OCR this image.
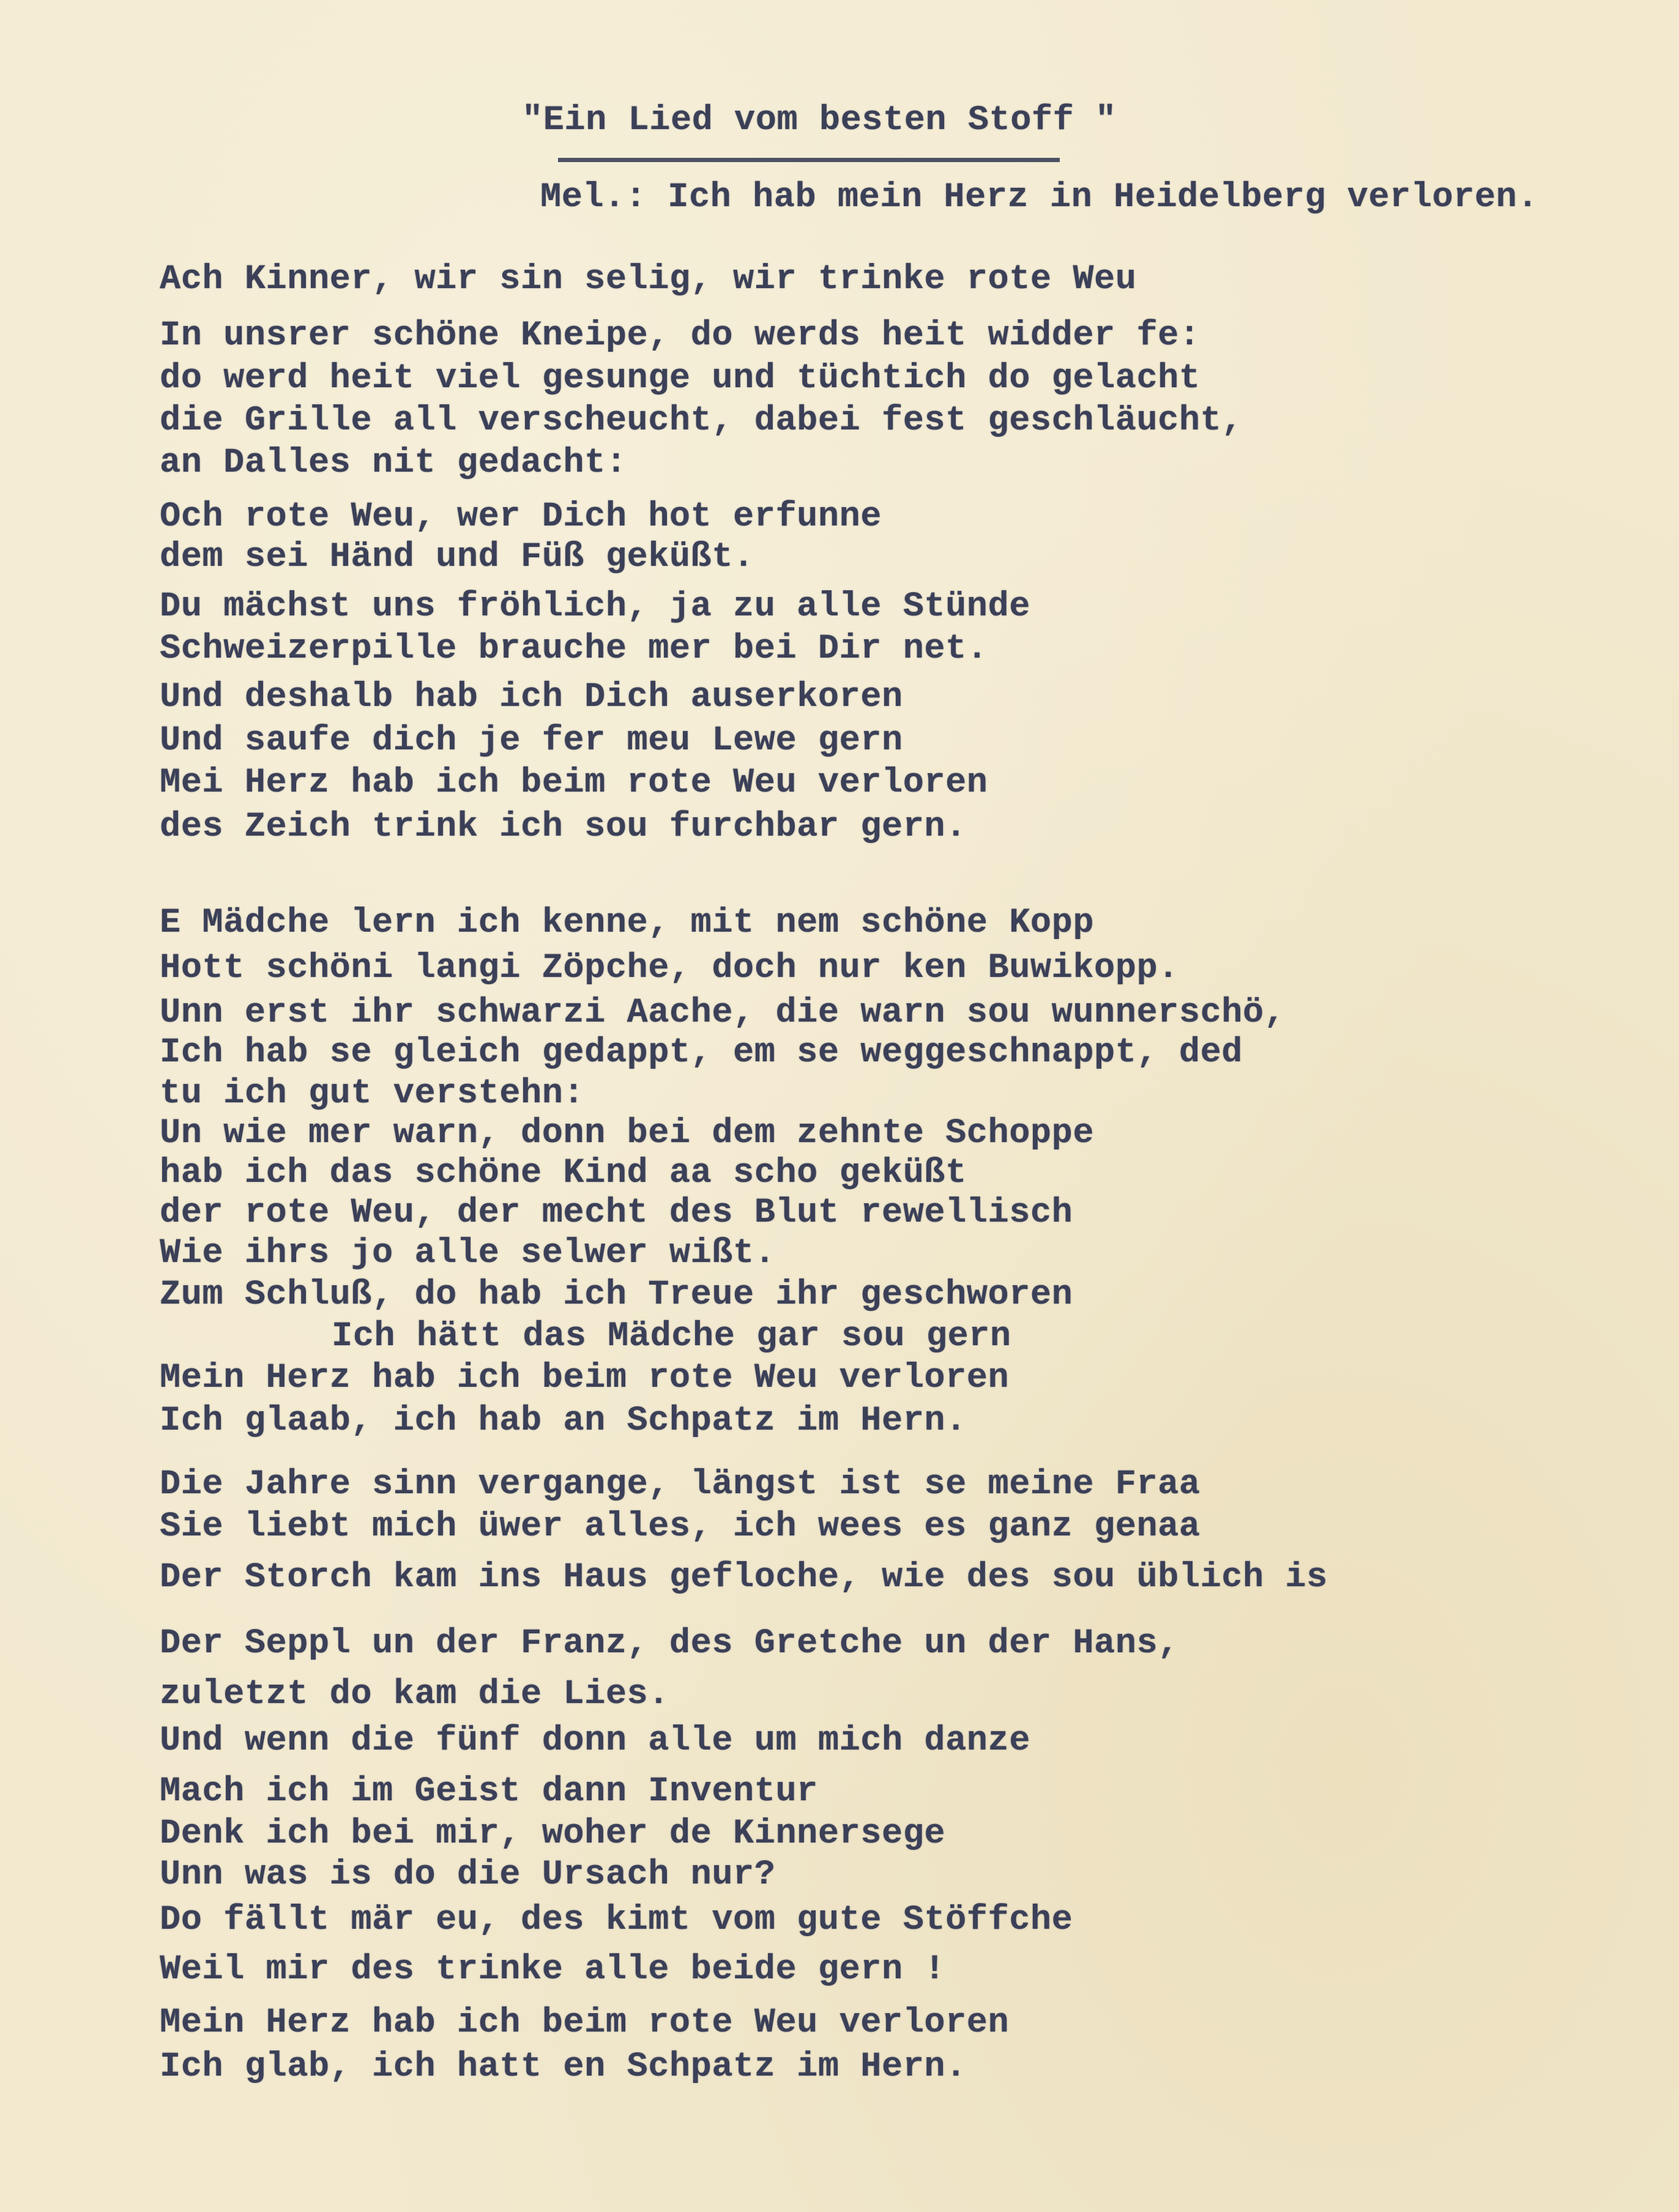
"Ein Lied vom besten Stoff "
Mel.: Ich hab mein Herz in Heidelberg verloren.
Ach Kinner, wir sin selig, wir trinke rote Weu
In unsrer schöne Kneipe, do werds heit widder fe:
do werd heit viel gesunge und tüchtich do gelacht
die Grille all verscheucht, dabei fest geschläucht,
an Dalles nit gedacht:
Och rote Weu, wer Dich hot erfunne
dem sei Händ und Füß geküßt.
Du mächst uns fröhlich, ja zu alle Stünde
Schweizerpille brauche mer bei Dir net.
Und deshalb hab ich Dich auserkoren
Und saufe dich je fer meu Lewe gern
Mei Herz hab ich beim rote Weu verloren
des Zeich trink ich sou furchbar gern.
E Mädche lern ich kenne, mit nem schöne Kopp
Hott schöni langi Zöpche, doch nur ken Buwikopp.
Unn erst ihr schwarzi Aache, die warn sou wunnerschö,
Ich hab se gleich gedappt, em se weggeschnappt, ded
tu ich gut verstehn:
Un wie mer warn, donn bei dem zehnte Schoppe
hab ich das schöne Kind aa scho geküßt
der rote Weu, der mecht des Blut rewellisch
Wie ihrs jo alle selwer wißt.
Zum Schluß, do hab ich Treue ihr geschworen
Ich hätt das Mädche gar sou gern
Mein Herz hab ich beim rote Weu verloren
Ich glaab, ich hab an Schpatz im Hern.
Die Jahre sinn vergange, längst ist se meine Fraa
Sie liebt mich üwer alles, ich wees es ganz genaa
Der Storch kam ins Haus gefloche, wie des sou üblich is
Der Seppl un der Franz, des Gretche un der Hans,
zuletzt do kam die Lies.
Und wenn die fünf donn alle um mich danze
Mach ich im Geist dann Inventur
Denk ich bei mir, woher de Kinnersege
Unn was is do die Ursach nur?
Do fällt mär eu, des kimt vom gute Stöffche
Weil mir des trinke alle beide gern !
Mein Herz hab ich beim rote Weu verloren
Ich glab, ich hatt en Schpatz im Hern.
